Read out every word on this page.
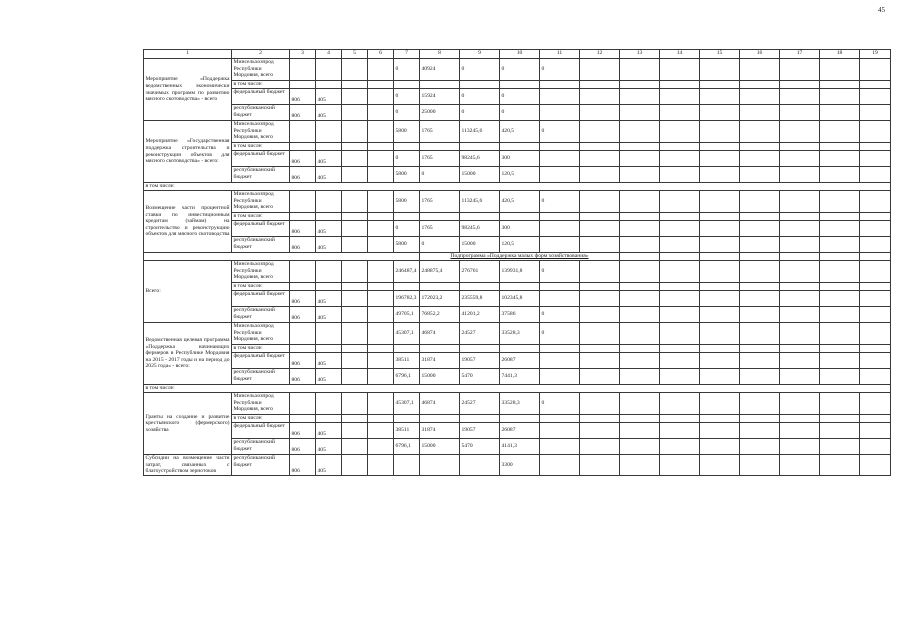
45
1	2	3	4	5	6	7	8	9	10	11	12	13	14	15	16	17	18	19
Мероприятие «Поддержка ведомственных экономически значимых программ по развитию мясного скотоводства» - всего	Минсельхозпрод Республики Мордовия, всего					0	40924	0	0	0								
	в том числе:																	
	федеральный бюджет	806	405			0	15924	0	0									
	республиканский бюджет	806	405			0	25000	0	0									
Мероприятие «Государственная поддержка строительства и реконструкции объектов для мясного скотоводства» - всего:	Минсельхозпрод Республики Мордовия, всего					5800	1765	113245,6	420,5	0								
	в том числе:																	
	федеральный бюджет	806	405			0	1765	98245,6	300									
	республиканский бюджет	806	405			5800	0	15000	120,5									
в том числе:																		
Возмещение части процентной ставки по инвестиционным кредитам (займам) на строительство и реконструкцию объектов для мясного скотоводства	Минсельхозпрод Республики Мордовия, всего					5800	1765	113245,6	420,5	0								
	в том числе:																	
	федеральный бюджет	806	405			0	1765	98245,6	300									
	республиканский бюджет	806	405			5800	0	15000	120,5									
							Подпрограмма «Поддержка малых форм хозяйствования»											
Всего:	Минсельхозпрод Республики Мордовия, всего					246487,4	248875,4	276761	139931,8	0								
	в том числе:																	
	федеральный бюджет	806	405			196782,3	172023,2	235559,8	102345,8									
	республиканский бюджет	806	405			49705,1	76852,2	41201,2	37586	0								
Ведомственная целевая программа «Поддержка начинающих фермеров в Республике Мордовия на 2015 - 2017 годы и на период до 2025 года» - всего:	Минсельхозпрод Республики Мордовия, всего					45307,1	46874	24527	33528,3	0								
	в том числе:																	
	федеральный бюджет	806	405			38511	31874	19057	26087									
	республиканский бюджет	806	405			6796,1	15000	5470	7441,3									
в том числе:																		
Гранты на создание и развитие крестьянского (фермерского) хозяйства	Минсельхозпрод Республики Мордовия, всего					45307,1	46874	24527	33528,3	0								
	в том числе:																	
	федеральный бюджет	806	405			38511	31874	19057	26087									
	республиканский бюджет	806	405			6796,1	15000	5470	4141,3									
Субсидии на возмещение части затрат, связанных с благоустройством зернотоков	республиканский бюджет	806	405						3300									
